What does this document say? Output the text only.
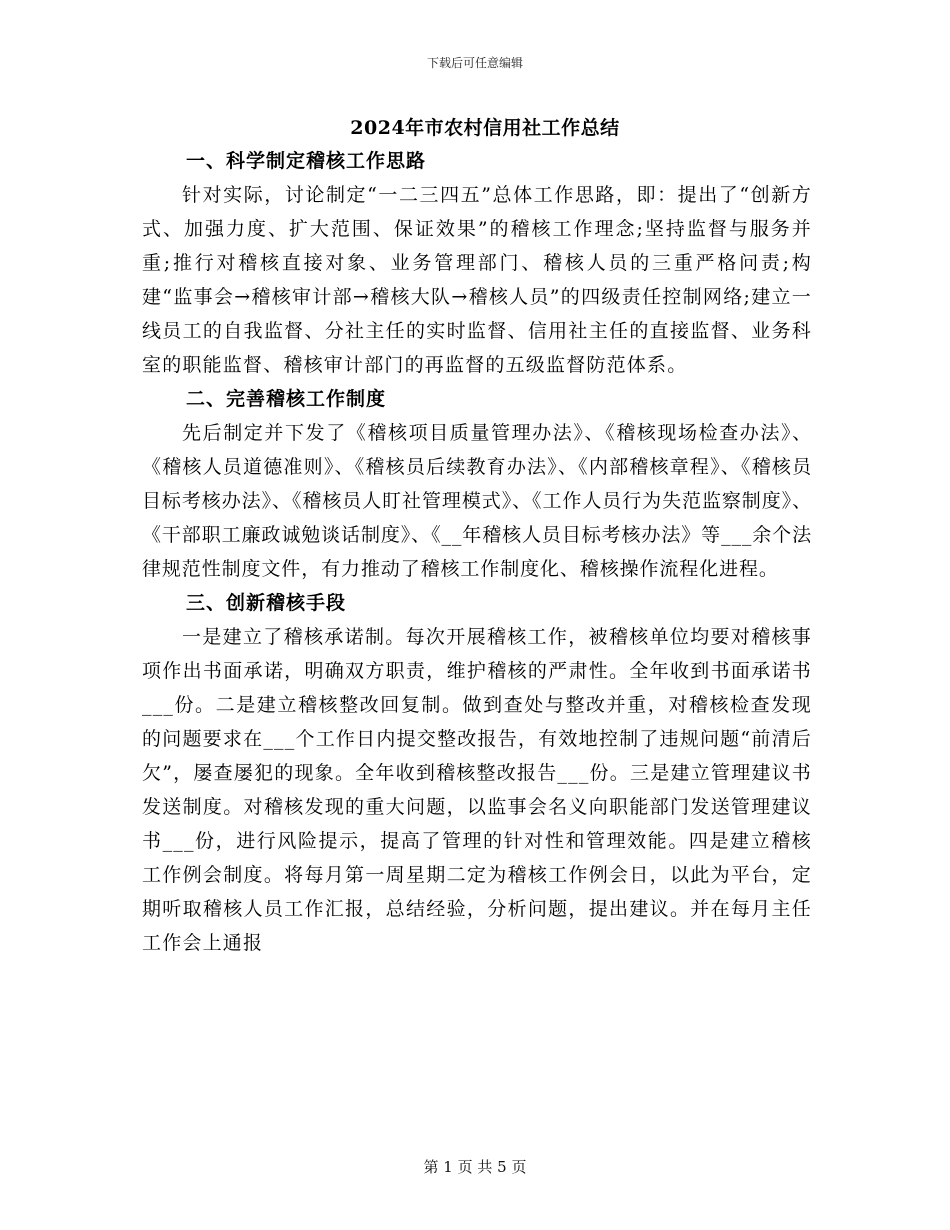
下载后可任意编辑
2024年市农村信用社工作总结
一、科学制定稽核工作思路

针对实际，讨论制定“一二三四五”总体工作思路，即：提出了“创新方式、加强力度、扩大范围、保证效果”的稽核工作理念;坚持监督与服务并重;推行对稽核直接对象、业务管理部门、稽核人员的三重严格问责;构建“监事会→稽核审计部→稽核大队→稽核人员”的四级责任控制网络;建立一线员工的自我监督、分社主任的实时监督、信用社主任的直接监督、业务科室的职能监督、稽核审计部门的再监督的五级监督防范体系。

二、完善稽核工作制度

先后制定并下发了《稽核项目质量管理办法》、《稽核现场检查办法》、《稽核人员道德准则》、《稽核员后续教育办法》、《内部稽核章程》、《稽核员目标考核办法》、《稽核员人盯社管理模式》、《工作人员行为失范监察制度》、《干部职工廉政诚勉谈话制度》、《__年稽核人员目标考核办法》等___余个法律规范性制度文件，有力推动了稽核工作制度化、稽核操作流程化进程。

三、创新稽核手段

一是建立了稽核承诺制。每次开展稽核工作，被稽核单位均要对稽核事项作出书面承诺，明确双方职责，维护稽核的严肃性。全年收到书面承诺书___份。二是建立稽核整改回复制。做到查处与整改并重，对稽核检查发现的问题要求在___个工作日内提交整改报告，有效地控制了违规问题“前清后欠”，屡查屡犯的现象。全年收到稽核整改报告___份。三是建立管理建议书发送制度。对稽核发现的重大问题，以监事会名义向职能部门发送管理建议书___份，进行风险提示，提高了管理的针对性和管理效能。四是建立稽核工作例会制度。将每月第一周星期二定为稽核工作例会日，以此为平台，定期听取稽核人员工作汇报，总结经验，分析问题，提出建议。并在每月主任工作会上通报

第 1 页 共 5 页
